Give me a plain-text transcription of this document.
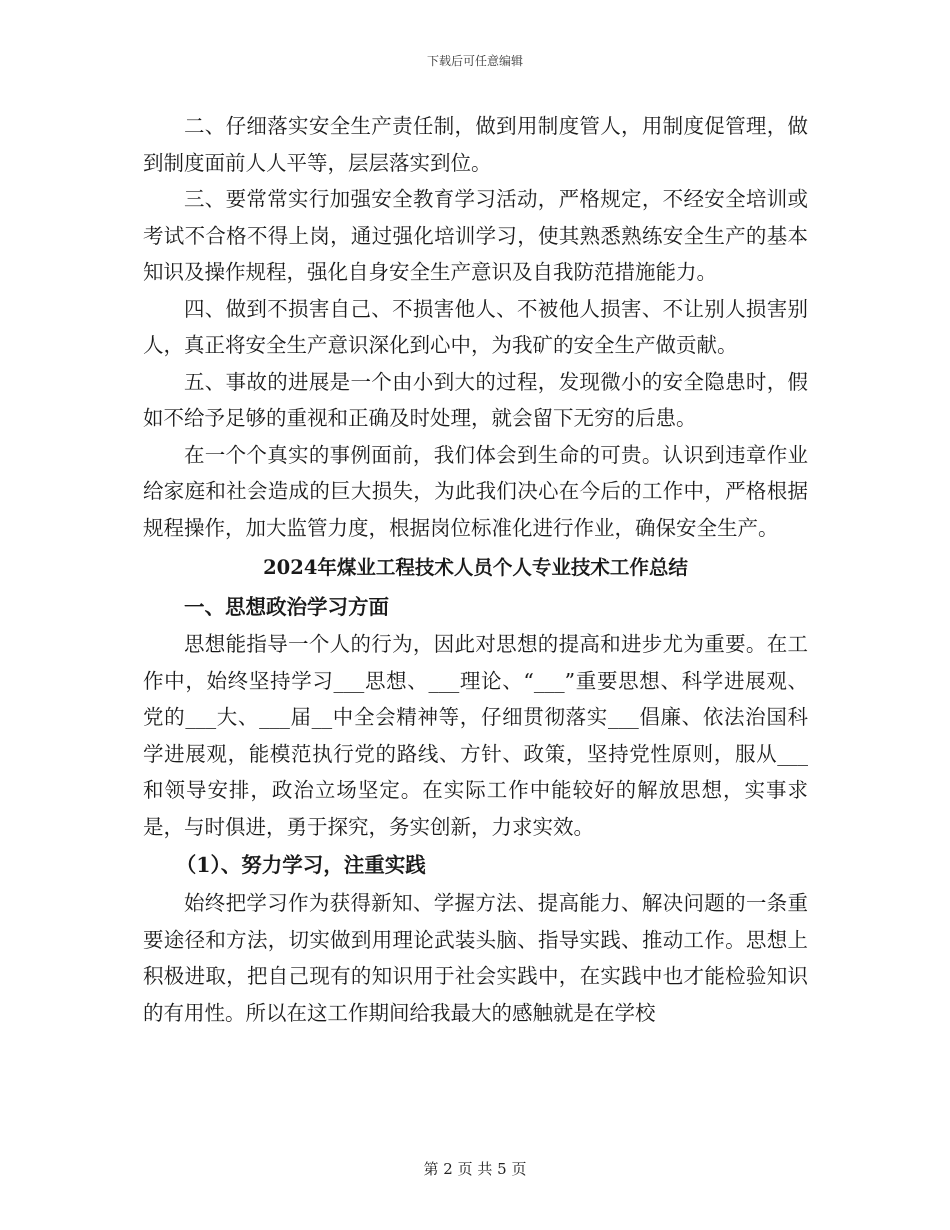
下载后可任意编辑

二、仔细落实安全生产责任制，做到用制度管人，用制度促管理，做到制度面前人人平等，层层落实到位。

三、要常常实行加强安全教育学习活动，严格规定，不经安全培训或考试不合格不得上岗，通过强化培训学习，使其熟悉熟练安全生产的基本知识及操作规程，强化自身安全生产意识及自我防范措施能力。

四、做到不损害自己、不损害他人、不被他人损害、不让别人损害别人，真正将安全生产意识深化到心中，为我矿的安全生产做贡献。

五、事故的进展是一个由小到大的过程，发现微小的安全隐患时，假如不给予足够的重视和正确及时处理，就会留下无穷的后患。

在一个个真实的事例面前，我们体会到生命的可贵。认识到违章作业给家庭和社会造成的巨大损失，为此我们决心在今后的工作中，严格根据规程操作，加大监管力度，根据岗位标准化进行作业，确保安全生产。

2024年煤业工程技术人员个人专业技术工作总结

一、思想政治学习方面

思想能指导一个人的行为，因此对思想的提高和进步尤为重要。在工作中，始终坚持学习___思想、___理论、“___”重要思想、科学进展观、党的___大、___届__中全会精神等，仔细贯彻落实___倡廉、依法治国科学进展观，能模范执行党的路线、方针、政策，坚持党性原则，服从___和领导安排，政治立场坚定。在实际工作中能较好的解放思想，实事求是，与时俱进，勇于探究，务实创新，力求实效。

（1）、努力学习，注重实践

始终把学习作为获得新知、学握方法、提高能力、解决问题的一条重要途径和方法，切实做到用理论武装头脑、指导实践、推动工作。思想上积极进取，把自己现有的知识用于社会实践中，在实践中也才能检验知识的有用性。所以在这工作期间给我最大的感触就是在学校

第 2 页 共 5 页
